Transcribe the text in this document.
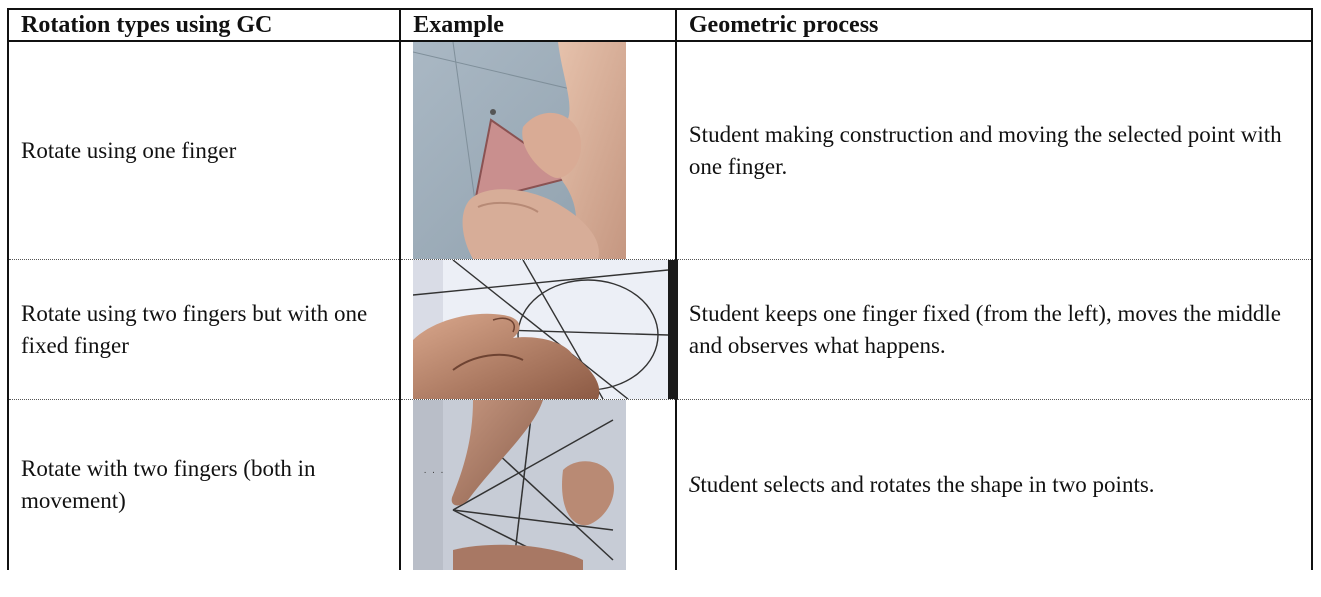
Rotation types using GC	Example	Geometric process
Rotate using one finger		Student making construction and moving the selected point with one finger.
Rotate using two fingers but with one fixed finger		Student keeps one finger fixed (from the left), moves the middle and observes what happens.
Rotate with two fingers (both in movement)	· · ·	Student selects and rotates the shape in two points.
